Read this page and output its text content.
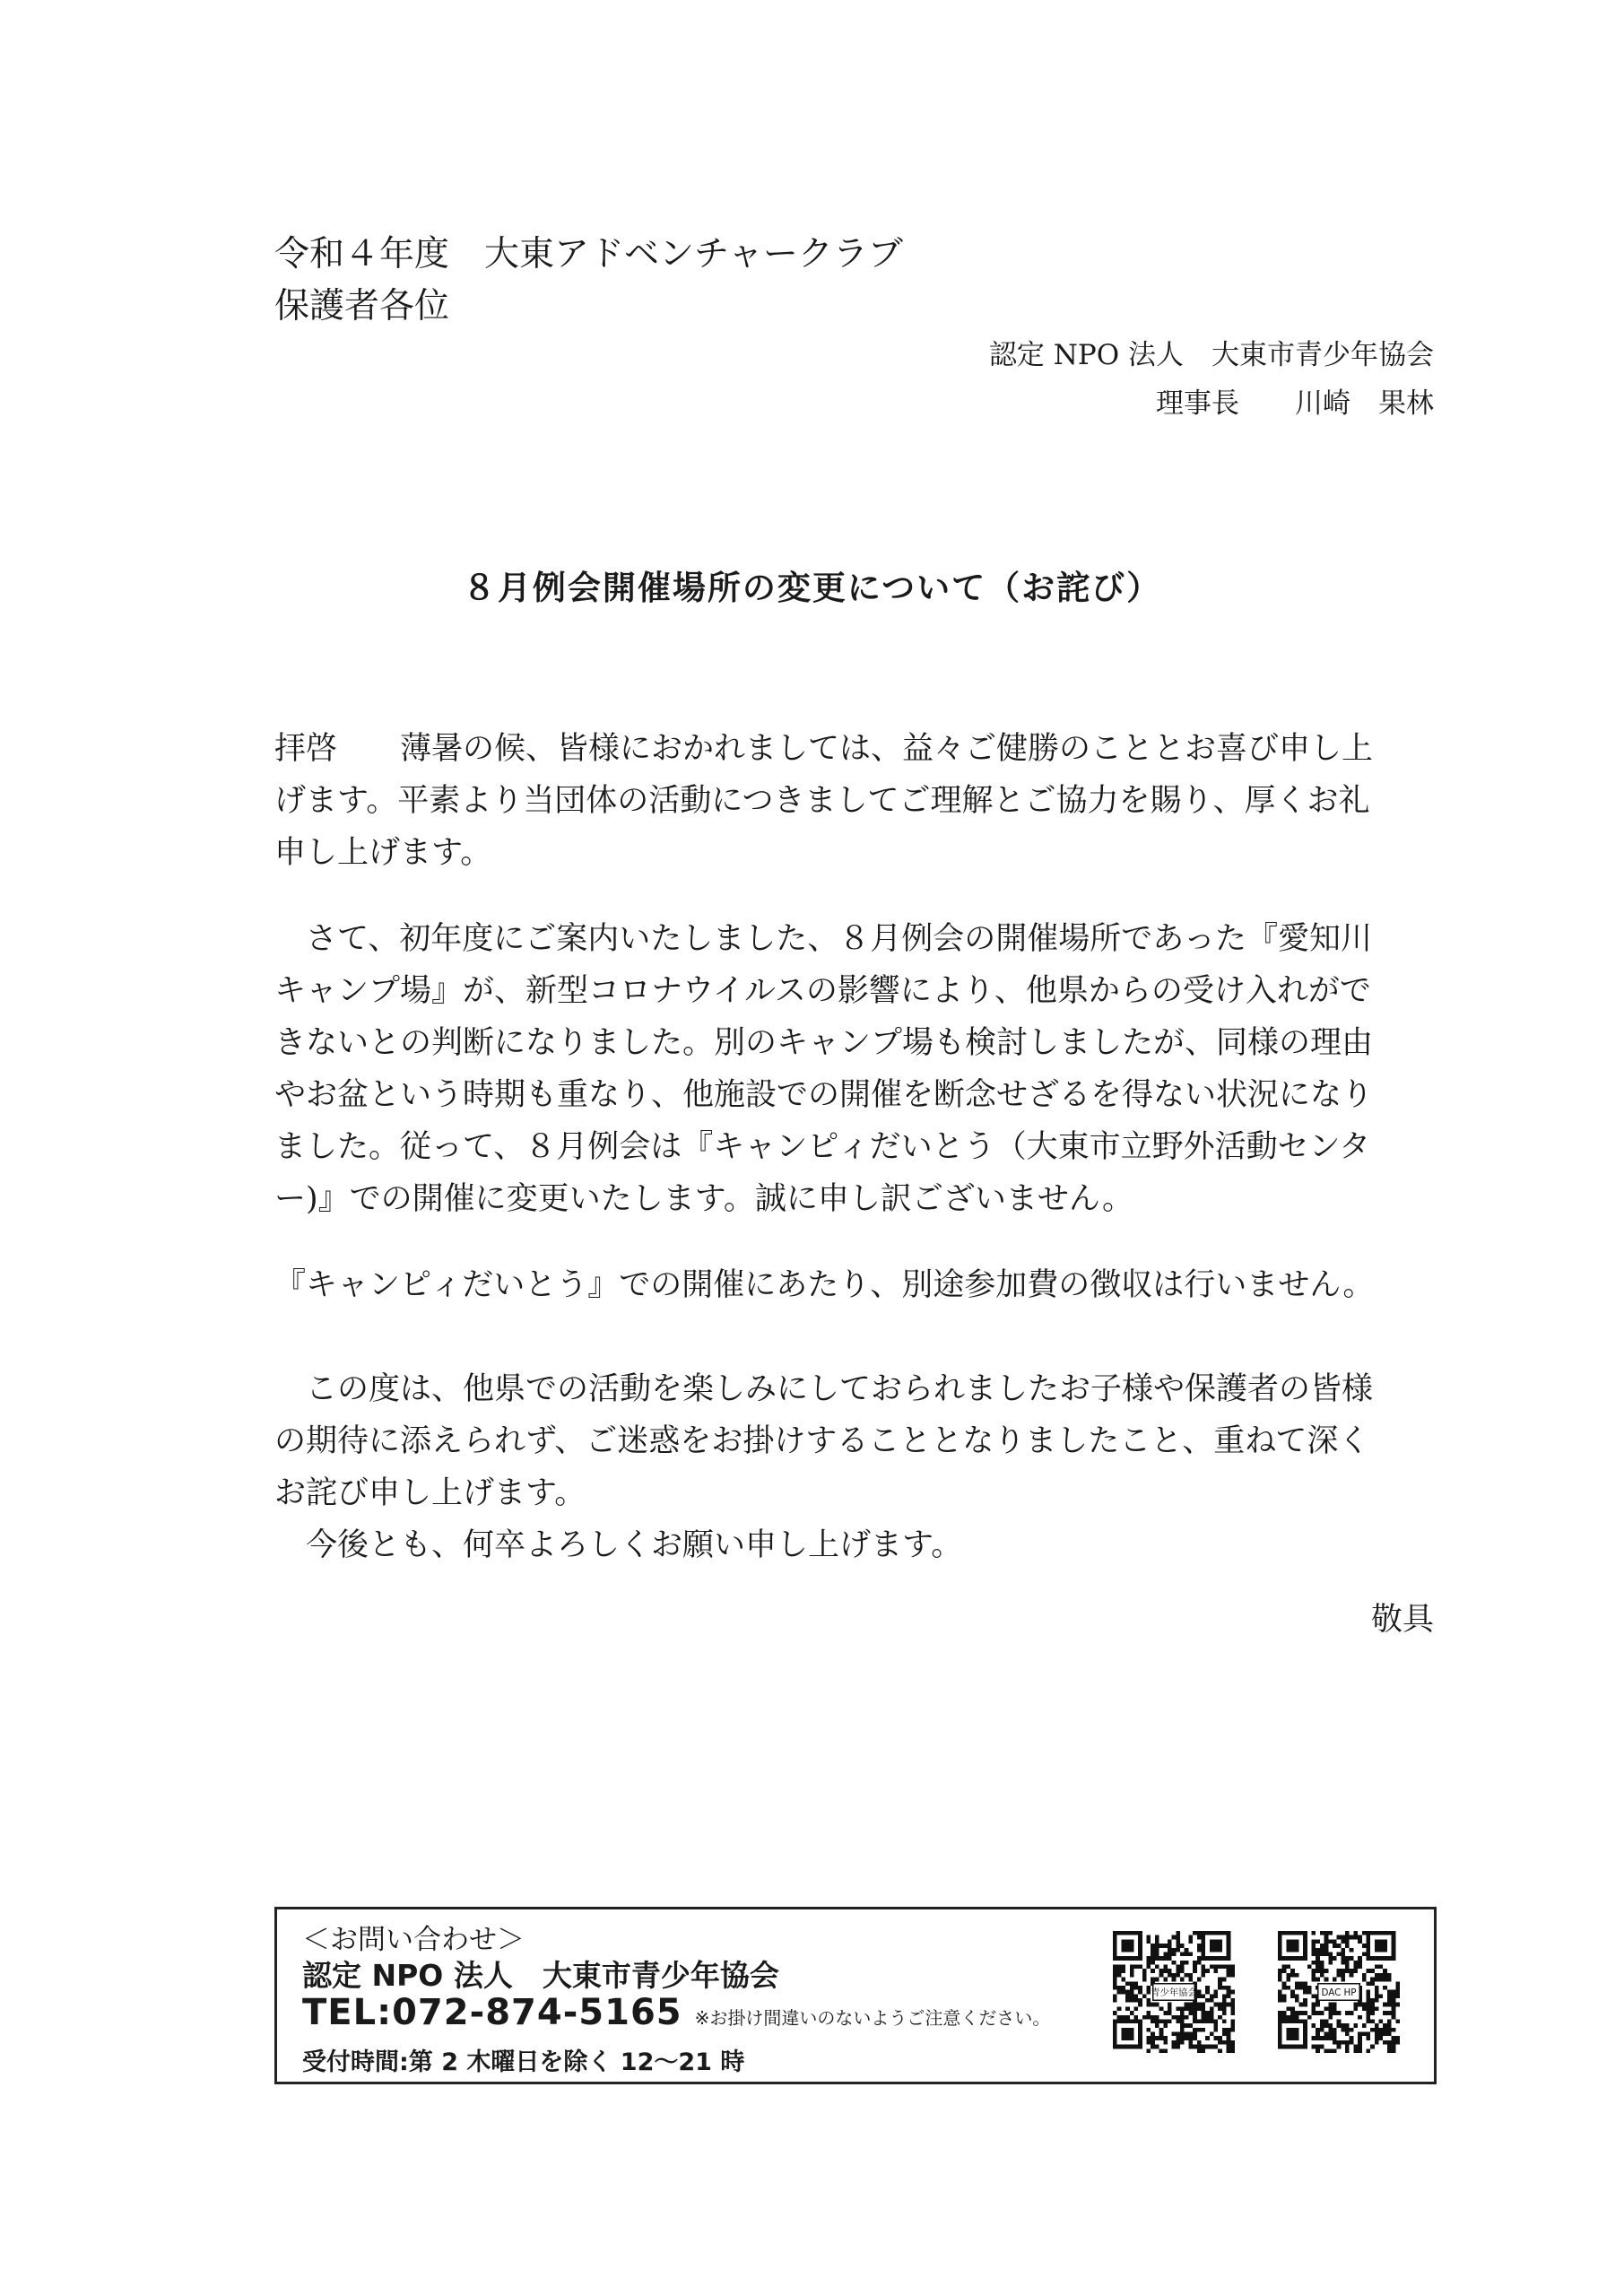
令和４年度　大東アドベンチャークラブ
保護者各位
認定 NPO 法人　大東市青少年協会
理事長　　川崎　果林
８月例会開催場所の変更について（お詫び）
拝啓　　薄暑の候、皆様におかれましては、益々ご健勝のこととお喜び申し上
げます。平素より当団体の活動につきましてご理解とご協力を賜り、厚くお礼
申し上げます。
　さて、初年度にご案内いたしました、８月例会の開催場所であった『愛知川
キャンプ場』が、新型コロナウイルスの影響により、他県からの受け入れがで
きないとの判断になりました。別のキャンプ場も検討しましたが、同様の理由
やお盆という時期も重なり、他施設での開催を断念せざるを得ない状況になり
ました。従って、８月例会は『キャンピィだいとう（大東市立野外活動センタ
ー)』での開催に変更いたします。誠に申し訳ございません。
『キャンピィだいとう』での開催にあたり、別途参加費の徴収は行いません。
　この度は、他県での活動を楽しみにしておられましたお子様や保護者の皆様
の期待に添えられず、ご迷惑をお掛けすることとなりましたこと、重ねて深く
お詫び申し上げます。
　今後とも、何卒よろしくお願い申し上げます。
敬具
＜お問い合わせ＞
認定 NPO 法人　大東市青少年協会
TEL:072-874-5165 ※お掛け間違いのないようご注意ください。
受付時間:第 2 木曜日を除く 12～21 時
青少年協会	DAC HP
